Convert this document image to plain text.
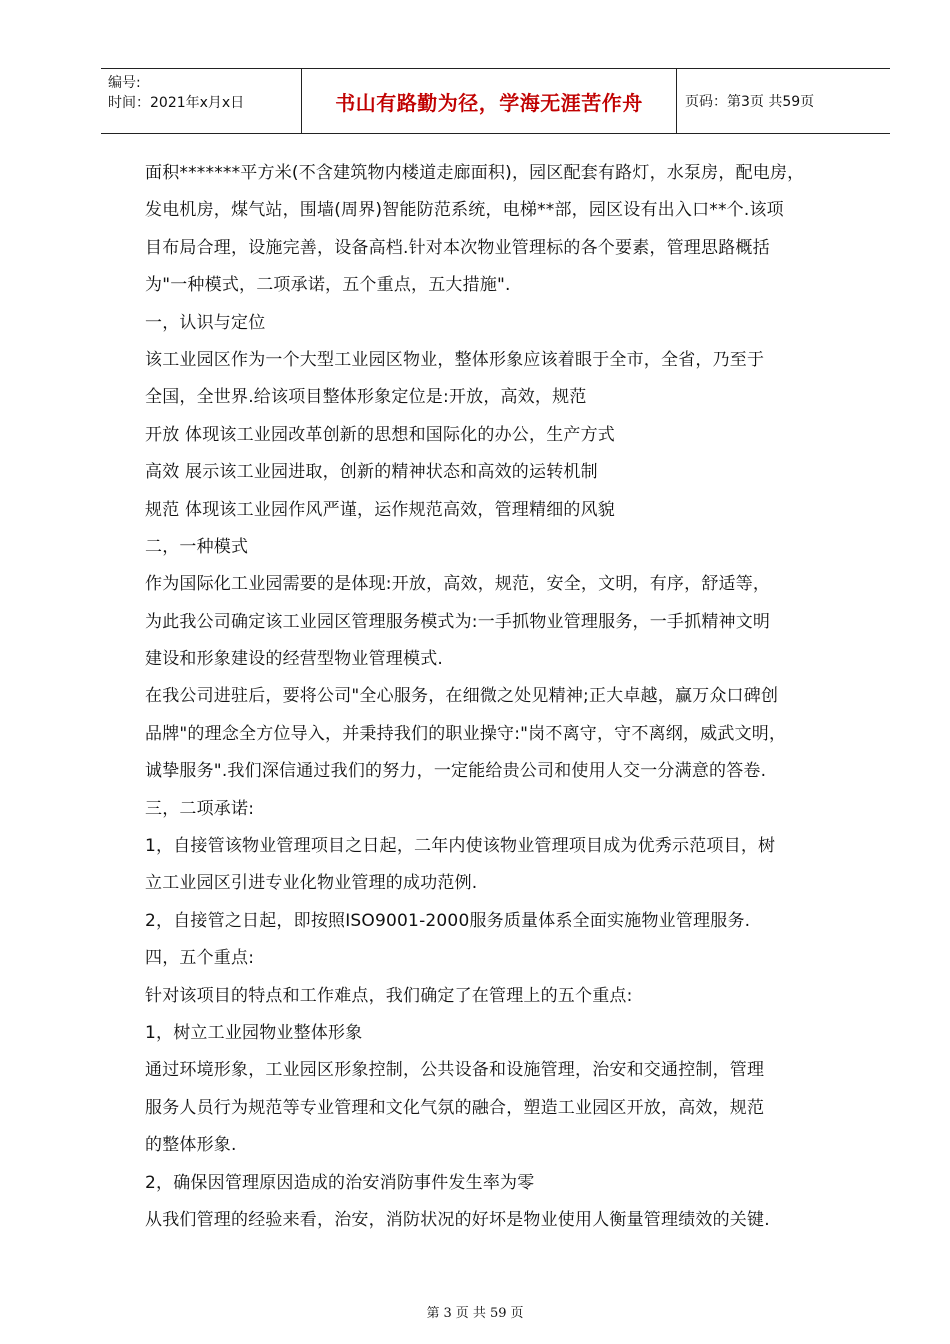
编号:
时间：2021年x月x日	书山有路勤为径，学海无涯苦作舟	页码：第3页 共59页
面积*******平方米(不含建筑物内楼道走廊面积)，园区配套有路灯，水泵房，配电房，
发电机房，煤气站，围墙(周界)智能防范系统，电梯**部，园区设有出入口**个.该项
目布局合理，设施完善，设备高档.针对本次物业管理标的各个要素，管理思路概括
为"一种模式，二项承诺，五个重点，五大措施".
一，认识与定位
该工业园区作为一个大型工业园区物业，整体形象应该着眼于全市，全省，乃至于
全国，全世界.给该项目整体形象定位是:开放，高效，规范
开放 体现该工业园改革创新的思想和国际化的办公，生产方式
高效 展示该工业园进取，创新的精神状态和高效的运转机制
规范 体现该工业园作风严谨，运作规范高效，管理精细的风貌
二，一种模式
作为国际化工业园需要的是体现:开放，高效，规范，安全，文明，有序，舒适等，
为此我公司确定该工业园区管理服务模式为:一手抓物业管理服务，一手抓精神文明
建设和形象建设的经营型物业管理模式.
在我公司进驻后，要将公司"全心服务，在细微之处见精神;正大卓越，赢万众口碑创
品牌"的理念全方位导入，并秉持我们的职业操守:"岗不离守，守不离纲，威武文明，
诚挚服务".我们深信通过我们的努力，一定能给贵公司和使用人交一分满意的答卷.
三，二项承诺:
1，自接管该物业管理项目之日起，二年内使该物业管理项目成为优秀示范项目，树
立工业园区引进专业化物业管理的成功范例.
2，自接管之日起，即按照ISO9001-2000服务质量体系全面实施物业管理服务.
四，五个重点:
针对该项目的特点和工作难点，我们确定了在管理上的五个重点:
1，树立工业园物业整体形象
通过环境形象，工业园区形象控制，公共设备和设施管理，治安和交通控制，管理
服务人员行为规范等专业管理和文化气氛的融合，塑造工业园区开放，高效，规范
的整体形象.
2，确保因管理原因造成的治安消防事件发生率为零
从我们管理的经验来看，治安，消防状况的好坏是物业使用人衡量管理绩效的关键.
第 3 页 共 59 页
